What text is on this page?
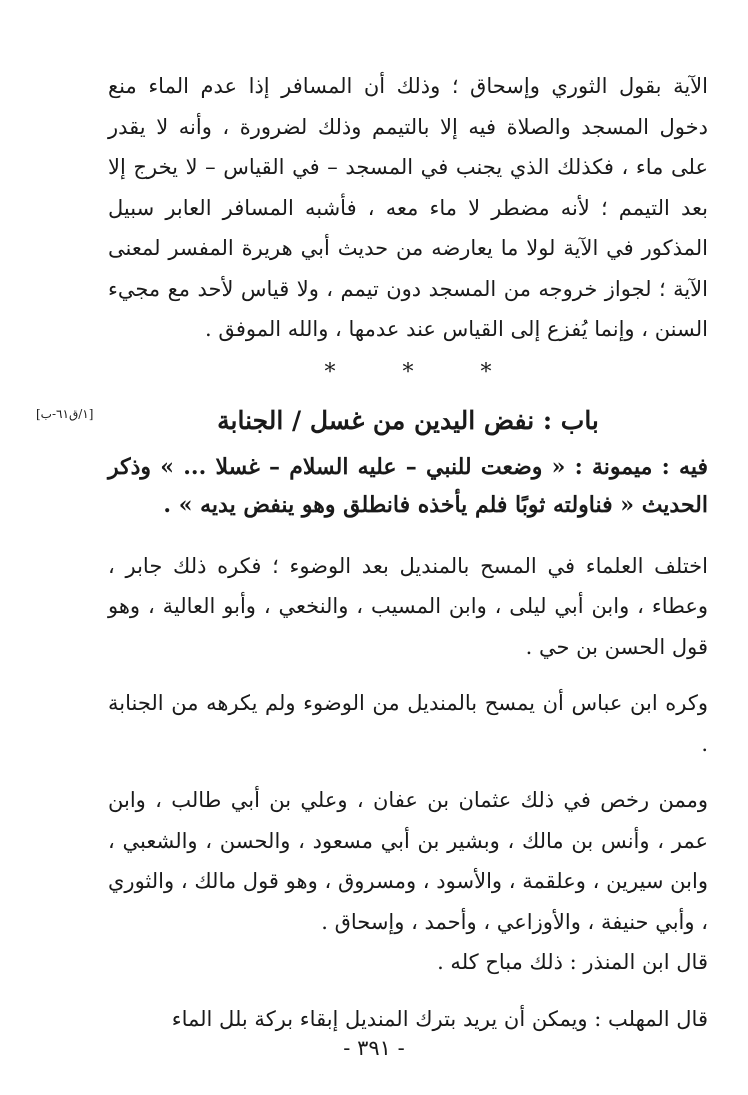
الآية بقول الثوري وإسحاق ؛ وذلك أن المسافر إذا عدم الماء منع دخول المسجد والصلاة فيه إلا بالتيمم وذلك لضرورة ، وأنه لا يقدر على ماء ، فكذلك الذي يجنب في المسجد – في القياس – لا يخرج إلا بعد التيمم ؛ لأنه مضطر لا ماء معه ، فأشبه المسافر العابر سبيل المذكور في الآية لولا ما يعارضه من حديث أبي هريرة المفسر لمعنى الآية ؛ لجواز خروجه من المسجد دون تيمم ، ولا قياس لأحد مع مجيء السنن ، وإنما يُفزع إلى القياس عند عدمها ، والله الموفق .

* * *
[١/ق٦١-ب]	باب : نفض اليدين من غسل / الجنابة

فيه : ميمونة : « وضعت للنبي – عليه السلام – غسلا ... » وذكر الحديث « فناولته ثوبًا فلم يأخذه فانطلق وهو ينفض يديه » .

اختلف العلماء في المسح بالمنديل بعد الوضوء ؛ فكره ذلك جابر ، وعطاء ، وابن أبي ليلى ، وابن المسيب ، والنخعي ، وأبو العالية ، وهو قول الحسن بن حي .

وكره ابن عباس أن يمسح بالمنديل من الوضوء ولم يكرهه من الجنابة .

وممن رخص في ذلك عثمان بن عفان ، وعلي بن أبي طالب ، وابن عمر ، وأنس بن مالك ، وبشير بن أبي مسعود ، والحسن ، والشعبي ، وابن سيرين ، وعلقمة ، والأسود ، ومسروق ، وهو قول مالك ، والثوري ، وأبي حنيفة ، والأوزاعي ، وأحمد ، وإسحاق .

قال ابن المنذر : ذلك مباح كله .

قال المهلب : ويمكن أن يريد بترك المنديل إبقاء بركة بلل الماء

- ٣٩١ -
